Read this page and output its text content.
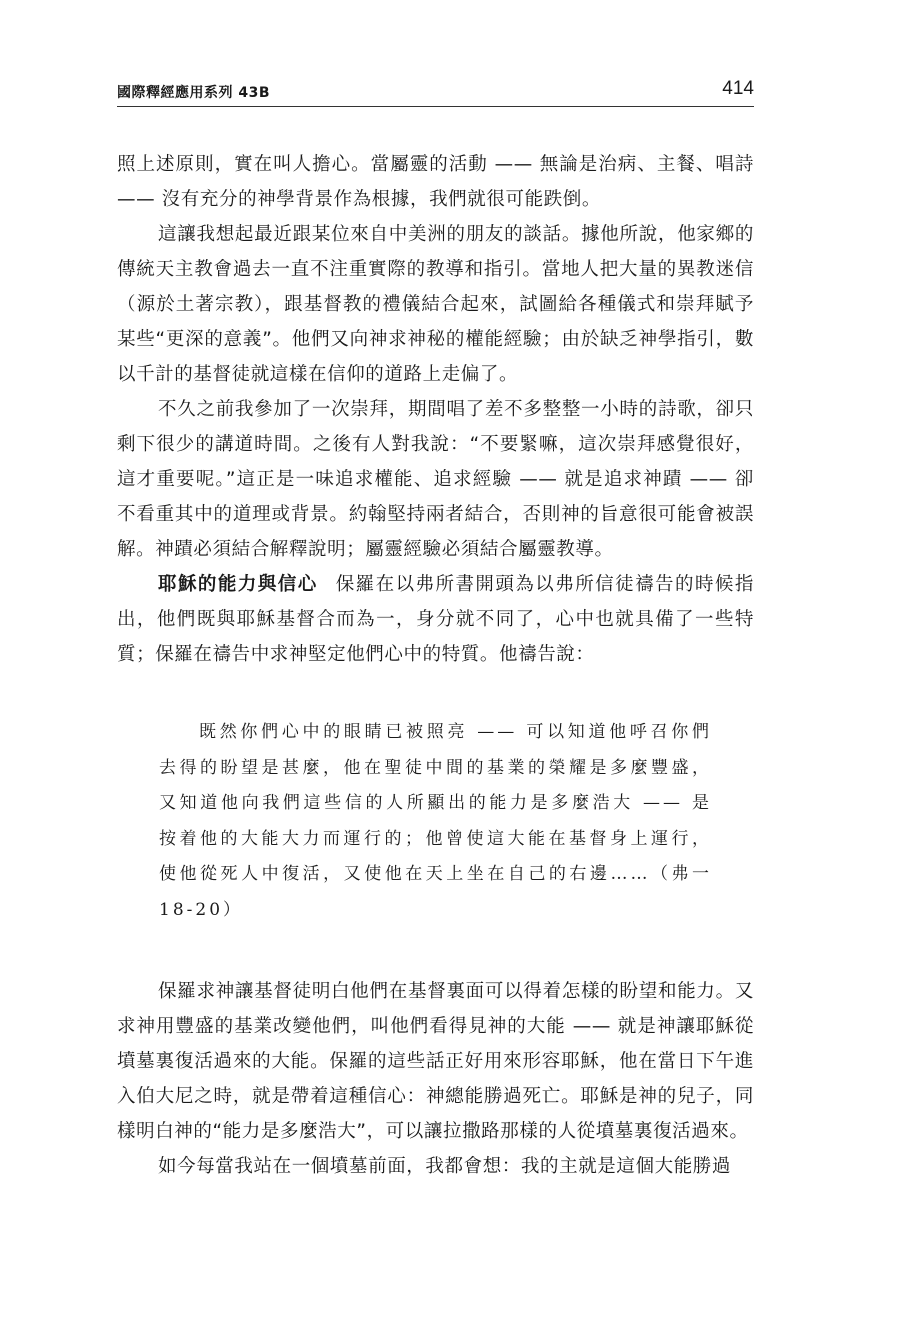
國際釋經應用系列 43B	414

照上述原則，實在叫人擔心。當屬靈的活動 —— 無論是治病、主餐、唱詩 —— 沒有充分的神學背景作為根據，我們就很可能跌倒。

這讓我想起最近跟某位來自中美洲的朋友的談話。據他所說，他家鄉的傳統天主教會過去一直不注重實際的教導和指引。當地人把大量的異教迷信（源於土著宗教），跟基督教的禮儀結合起來，試圖給各種儀式和崇拜賦予某些“更深的意義”。他們又向神求神秘的權能經驗；由於缺乏神學指引，數以千計的基督徒就這樣在信仰的道路上走偏了。

不久之前我參加了一次崇拜，期間唱了差不多整整一小時的詩歌，卻只剩下很少的講道時間。之後有人對我說：“不要緊嘛，這次崇拜感覺很好，這才重要呢。”這正是一味追求權能、追求經驗 —— 就是追求神蹟 —— 卻不看重其中的道理或背景。約翰堅持兩者結合，否則神的旨意很可能會被誤解。神蹟必須結合解釋說明；屬靈經驗必須結合屬靈教導。

耶穌的能力與信心 保羅在以弗所書開頭為以弗所信徒禱告的時候指出，他們既與耶穌基督合而為一，身分就不同了，心中也就具備了一些特質；保羅在禱告中求神堅定他們心中的特質。他禱告說：

既然你們心中的眼睛已被照亮 —— 可以知道他呼召你們去得的盼望是甚麼，他在聖徒中間的基業的榮耀是多麼豐盛，又知道他向我們這些信的人所顯出的能力是多麼浩大 —— 是按着他的大能大力而運行的；他曾使這大能在基督身上運行，使他從死人中復活，又使他在天上坐在自己的右邊……（弗一18-20）

保羅求神讓基督徒明白他們在基督裏面可以得着怎樣的盼望和能力。又求神用豐盛的基業改變他們，叫他們看得見神的大能 —— 就是神讓耶穌從墳墓裏復活過來的大能。保羅的這些話正好用來形容耶穌，他在當日下午進入伯大尼之時，就是帶着這種信心：神總能勝過死亡。耶穌是神的兒子，同樣明白神的“能力是多麼浩大”，可以讓拉撒路那樣的人從墳墓裏復活過來。

如今每當我站在一個墳墓前面，我都會想：我的主就是這個大能勝過
